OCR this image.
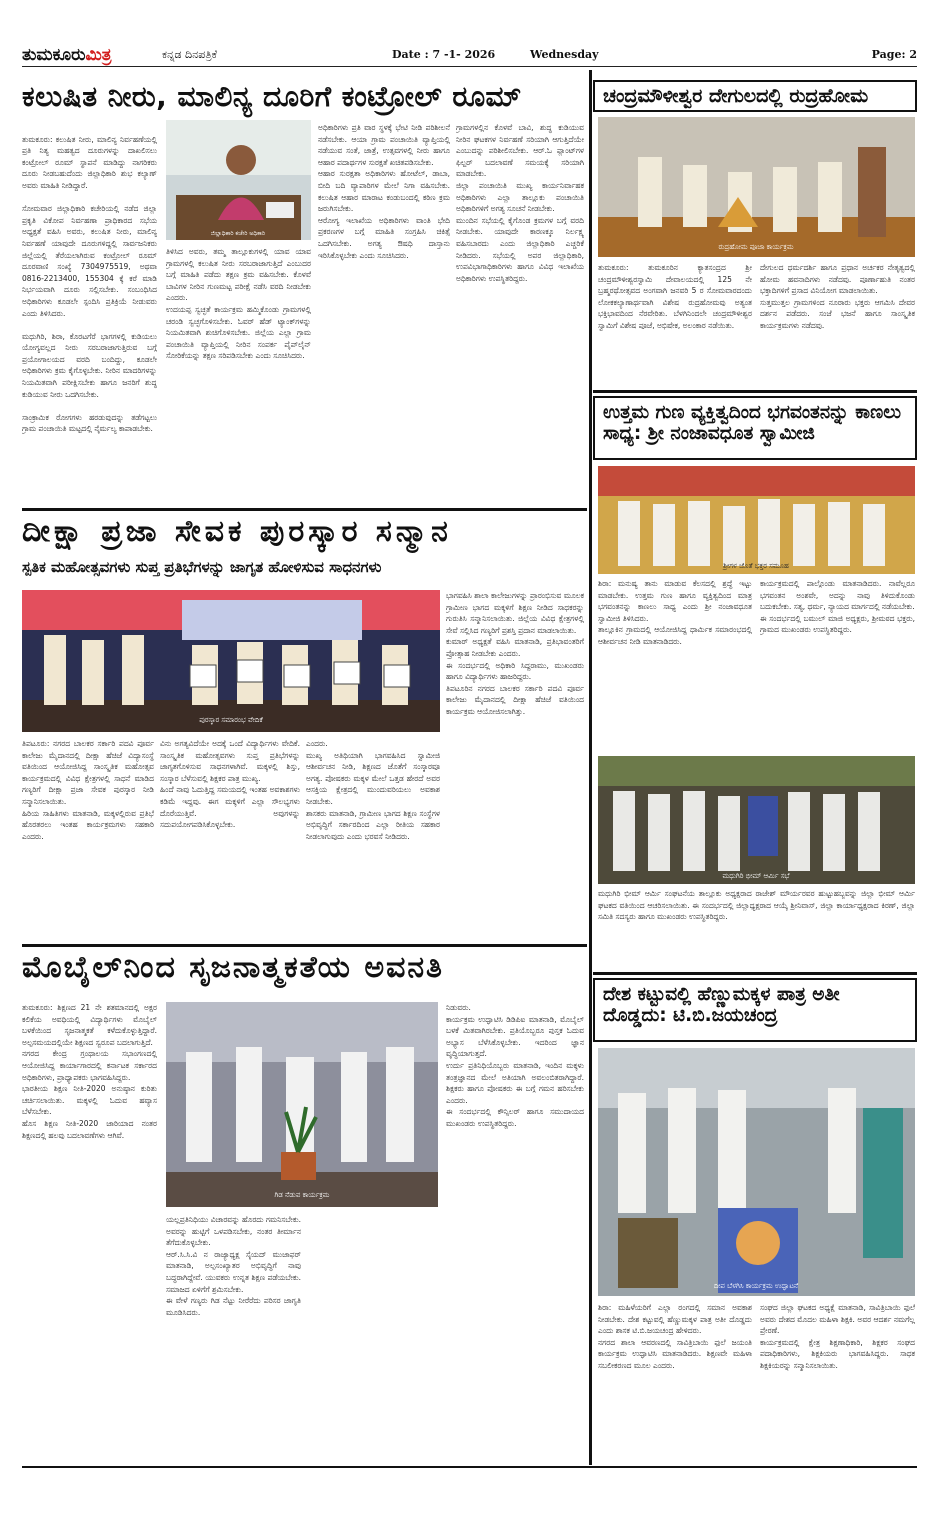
ತುಮಕೂರುಮಿತ್ರ	ಕನ್ನಡ ದಿನಪತ್ರಿಕೆ	Date : 7 -1- 2026	Wednesday	Page: 2
ಕಲುಷಿತ ನೀರು, ಮಾಲಿನ್ಯ ದೂರಿಗೆ ಕಂಟ್ರೋಲ್ ರೂಮ್

ತುಮಕೂರು: ಕಲುಷಿತ ನೀರು, ಮಾಲಿನ್ಯ ನಿರ್ವಹಣೆಯಲ್ಲಿ ಪ್ರತಿ ನಿತ್ಯ ಮಹತ್ವದ ದೂರುಗಳನ್ನು ದಾಖಲಿಸಲು ಕಂಟ್ರೋಲ್ ರೂಮ್ ಸ್ಥಾಪನೆ ಮಾಡಿದ್ದು ನಾಗರಿಕರು ದೂರು ನೀಡಬಹುದೆಂದು ಜಿಲ್ಲಾಧಿಕಾರಿ ಶುಭ ಕಲ್ಯಾಣ್ ಅವರು ಮಾಹಿತಿ ನೀಡಿದ್ದಾರೆ.

ಸೋಮವಾರ ಜಿಲ್ಲಾಧಿಕಾರಿ ಕಚೇರಿಯಲ್ಲಿ ನಡೆದ ಜಿಲ್ಲಾ ಪ್ರಕೃತಿ ವಿಕೋಪ ನಿರ್ವಹಣಾ ಪ್ರಾಧಿಕಾರದ ಸಭೆಯ ಅಧ್ಯಕ್ಷತೆ ವಹಿಸಿ ಅವರು, ಕಲುಷಿತ ನೀರು, ಮಾಲಿನ್ಯ ನಿರ್ವಹಣೆ ಯಾವುದೇ ದೂರುಗಳಿದ್ದಲ್ಲಿ ಸಾರ್ವಜನಿಕರು ಜಿಲ್ಲೆಯಲ್ಲಿ ತೆರೆಯಲಾಗಿರುವ ಕಂಟ್ರೋಲ್ ರೂಮ್ ದೂರವಾಣಿ ಸಂಖ್ಯೆ 7304975519, ಅಥವಾ 0816-2213400, 155304 ಕ್ಕೆ ಕರೆ ಮಾಡಿ ನಿರ್ಭಯವಾಗಿ ದೂರು ಸಲ್ಲಿಸಬೇಕು. ಸಂಬಂಧಿಸಿದ ಅಧಿಕಾರಿಗಳು ಕೂಡಲೇ ಸ್ಪಂದಿಸಿ ಪ್ರತಿಕ್ರಿಯೆ ನೀಡುವರು ಎಂದು ತಿಳಿಸಿದರು.

ಮಧುಗಿರಿ, ಶಿರಾ, ಕೊರಟಗೆರೆ ಭಾಗಗಳಲ್ಲಿ ಕುಡಿಯಲು ಯೋಗ್ಯವಲ್ಲದ ನೀರು ಸರಬರಾಜಾಗುತ್ತಿರುವ ಬಗ್ಗೆ ಪ್ರಯೋಗಾಲಯದ ವರದಿ ಬಂದಿದ್ದು, ಕೂಡಲೇ ಅಧಿಕಾರಿಗಳು ಕ್ರಮ ಕೈಗೊಳ್ಳಬೇಕು. ನೀರಿನ ಮಾದರಿಗಳನ್ನು ನಿಯಮಿತವಾಗಿ ಪರೀಕ್ಷಿಸಬೇಕು ಹಾಗೂ ಜನರಿಗೆ ಶುದ್ಧ ಕುಡಿಯುವ ನೀರು ಒದಗಿಸಬೇಕು.

ಸಾಂಕ್ರಾಮಿಕ ರೋಗಗಳು ಹರಡುವುದನ್ನು ತಡೆಗಟ್ಟಲು ಗ್ರಾಮ ಪಂಚಾಯಿತಿ ಮಟ್ಟದಲ್ಲಿ ನೈರ್ಮಲ್ಯ ಕಾಪಾಡಬೇಕು.

ಜಿಲ್ಲಾಧಿಕಾರಿ ಕಚೇರಿ ಅಧಿಕಾರಿ
ತಿಳಿಸಿದ ಅವರು, ತಮ್ಮ ತಾಲ್ಲೂಕುಗಳಲ್ಲಿ ಯಾವ ಯಾವ ಗ್ರಾಮಗಳಲ್ಲಿ ಕಲುಷಿತ ನೀರು ಸರಬರಾಜಾಗುತ್ತಿದೆ ಎಂಬುದರ ಬಗ್ಗೆ ಮಾಹಿತಿ ಪಡೆದು ತಕ್ಷಣ ಕ್ರಮ ವಹಿಸಬೇಕು. ಕೊಳವೆ ಬಾವಿಗಳ ನೀರಿನ ಗುಣಮಟ್ಟ ಪರೀಕ್ಷೆ ನಡೆಸಿ ವರದಿ ನೀಡಬೇಕು ಎಂದರು.
ಉದಯಪ್ಪ ಸ್ವಚ್ಛತೆ ಕಾರ್ಯಕ್ರಮ ಹಮ್ಮಿಕೊಂಡು ಗ್ರಾಮಗಳಲ್ಲಿ ಚರಂಡಿ ಸ್ವಚ್ಛಗೊಳಿಸಬೇಕು. ಓವರ್ ಹೆಡ್ ಟ್ಯಾಂಕ್‌ಗಳನ್ನು ನಿಯಮಿತವಾಗಿ ಶುಚಿಗೊಳಿಸಬೇಕು. ಜಿಲ್ಲೆಯ ಎಲ್ಲಾ ಗ್ರಾಮ ಪಂಚಾಯಿತಿ ವ್ಯಾಪ್ತಿಯಲ್ಲಿ ನೀರಿನ ಸಂಪರ್ಕ ಪೈಪ್‌ಲೈನ್ ಸೋರಿಕೆಯನ್ನು ತಕ್ಷಣ ಸರಿಪಡಿಸಬೇಕು ಎಂದು ಸೂಚಿಸಿದರು.
ಅಧಿಕಾರಿಗಳು ಪ್ರತಿ ವಾರ ಸ್ಥಳಕ್ಕೆ ಭೇಟಿ ನೀಡಿ ಪರಿಶೀಲನೆ ನಡೆಸಬೇಕು. ಆಯಾ ಗ್ರಾಮ ಪಂಚಾಯಿತಿ ವ್ಯಾಪ್ತಿಯಲ್ಲಿ ನಡೆಯುವ ಸಂತೆ, ಜಾತ್ರೆ, ಉತ್ಸವಗಳಲ್ಲಿ ನೀರು ಹಾಗೂ ಆಹಾರ ಪದಾರ್ಥಗಳ ಸುರಕ್ಷತೆ ಖಚಿತಪಡಿಸಬೇಕು.
ಆಹಾರ ಸುರಕ್ಷತಾ ಅಧಿಕಾರಿಗಳು ಹೋಟೆಲ್, ಡಾಬಾ, ಬೀದಿ ಬದಿ ವ್ಯಾಪಾರಿಗಳ ಮೇಲೆ ನಿಗಾ ವಹಿಸಬೇಕು. ಕಲುಷಿತ ಆಹಾರ ಮಾರಾಟ ಕಂಡುಬಂದಲ್ಲಿ ಕಠಿಣ ಕ್ರಮ ಜರುಗಿಸಬೇಕು.
ಆರೋಗ್ಯ ಇಲಾಖೆಯ ಅಧಿಕಾರಿಗಳು ವಾಂತಿ ಭೇದಿ ಪ್ರಕರಣಗಳ ಬಗ್ಗೆ ಮಾಹಿತಿ ಸಂಗ್ರಹಿಸಿ ಚಿಕಿತ್ಸೆ ಒದಗಿಸಬೇಕು. ಅಗತ್ಯ ಔಷಧಿ ದಾಸ್ತಾನು ಇರಿಸಿಕೊಳ್ಳಬೇಕು ಎಂದು ಸೂಚಿಸಿದರು.
ಗ್ರಾಮಗಳಲ್ಲಿನ ಕೊಳವೆ ಬಾವಿ, ಶುದ್ಧ ಕುಡಿಯುವ ನೀರಿನ ಘಟಕಗಳ ನಿರ್ವಹಣೆ ಸರಿಯಾಗಿ ಆಗುತ್ತಿದೆಯೇ ಎಂಬುದನ್ನು ಪರಿಶೀಲಿಸಬೇಕು. ಆರ್.ಓ ಪ್ಲಾಂಟ್‌ಗಳ ಫಿಲ್ಟರ್ ಬದಲಾವಣೆ ಸಮಯಕ್ಕೆ ಸರಿಯಾಗಿ ಮಾಡಬೇಕು.
ಜಿಲ್ಲಾ ಪಂಚಾಯಿತಿ ಮುಖ್ಯ ಕಾರ್ಯನಿರ್ವಾಹಕ ಅಧಿಕಾರಿಗಳು ಎಲ್ಲಾ ತಾಲ್ಲೂಕು ಪಂಚಾಯಿತಿ ಅಧಿಕಾರಿಗಳಿಗೆ ಅಗತ್ಯ ಸೂಚನೆ ನೀಡಬೇಕು.
ಮುಂದಿನ ಸಭೆಯಲ್ಲಿ ಕೈಗೊಂಡ ಕ್ರಮಗಳ ಬಗ್ಗೆ ವರದಿ ನೀಡಬೇಕು. ಯಾವುದೇ ಕಾರಣಕ್ಕೂ ನಿರ್ಲಕ್ಷ್ಯ ವಹಿಸಬಾರದು ಎಂದು ಜಿಲ್ಲಾಧಿಕಾರಿ ಎಚ್ಚರಿಕೆ ನೀಡಿದರು. ಸಭೆಯಲ್ಲಿ ಅಪರ ಜಿಲ್ಲಾಧಿಕಾರಿ, ಉಪವಿಭಾಗಾಧಿಕಾರಿಗಳು ಹಾಗೂ ವಿವಿಧ ಇಲಾಖೆಯ ಅಧಿಕಾರಿಗಳು ಉಪಸ್ಥಿತರಿದ್ದರು.
ದೀಕ್ಷಾ ಪ್ರಜಾ ಸೇವಕ ಪುರಸ್ಕಾರ ಸನ್ಮಾನ
ಸ್ಪತಿಕ ಮಹೋತ್ಸವಗಳು ಸುಪ್ತ ಪ್ರತಿಭೆಗಳನ್ನು ಜಾಗೃತ ಹೋಳಿಸುವ ಸಾಧನಗಳು
ಪುರಸ್ಕಾರ ಸಮಾರಂಭ ವೇದಿಕೆ
ಭಾಗವಹಿಸಿ ಶಾಲಾ ಕಾಲೇಜುಗಳನ್ನು ಪ್ರಾರಂಭಿಸುವ ಮೂಲಕ ಗ್ರಾಮೀಣ ಭಾಗದ ಮಕ್ಕಳಿಗೆ ಶಿಕ್ಷಣ ನೀಡಿದ ಸಾಧಕರನ್ನು ಗುರುತಿಸಿ ಸನ್ಮಾನಿಸಲಾಯಿತು. ಜಿಲ್ಲೆಯ ವಿವಿಧ ಕ್ಷೇತ್ರಗಳಲ್ಲಿ ಸೇವೆ ಸಲ್ಲಿಸಿದ ಗಣ್ಯರಿಗೆ ಪ್ರಶಸ್ತಿ ಪ್ರದಾನ ಮಾಡಲಾಯಿತು.
ಕುಮಾರ್ ಅಧ್ಯಕ್ಷತೆ ವಹಿಸಿ ಮಾತನಾಡಿ, ಪ್ರತಿಭಾವಂತರಿಗೆ ಪ್ರೋತ್ಸಾಹ ನೀಡಬೇಕು ಎಂದರು.
ಈ ಸಂದರ್ಭದಲ್ಲಿ ಅಧಿಕಾರಿ ಸಿದ್ದರಾಮು, ಮುಖಂಡರು ಹಾಗೂ ವಿದ್ಯಾರ್ಥಿಗಳು ಹಾಜರಿದ್ದರು.
ತಿಪಟೂರಿನ ನಗರದ ಬಾಲಕರ ಸರ್ಕಾರಿ ಪದವಿ ಪೂರ್ವ ಕಾಲೇಜು ಮೈದಾನದಲ್ಲಿ ದೀಕ್ಷಾ ಹೆಚಿಜೆ ವತಿಯಿಂದ ಕಾರ್ಯಕ್ರಮ ಆಯೋಜಿಸಲಾಗಿತ್ತು.
ತಿಪಟೂರು: ನಗರದ ಬಾಲಕರ ಸರ್ಕಾರಿ ಪದವಿ ಪೂರ್ವ ಕಾಲೇಜು ಮೈದಾನದಲ್ಲಿ ದೀಕ್ಷಾ ಹೆಚಿಜೆ ವಿದ್ಯಾಸಂಸ್ಥೆ ವತಿಯಿಂದ ಆಯೋಜಿಸಿದ್ದ ಸಾಂಸ್ಕೃತಿಕ ಮಹೋತ್ಸವ ಕಾರ್ಯಕ್ರಮದಲ್ಲಿ ವಿವಿಧ ಕ್ಷೇತ್ರಗಳಲ್ಲಿ ಸಾಧನೆ ಮಾಡಿದ ಗಣ್ಯರಿಗೆ ದೀಕ್ಷಾ ಪ್ರಜಾ ಸೇವಕ ಪುರಸ್ಕಾರ ನೀಡಿ ಸನ್ಮಾನಿಸಲಾಯಿತು.
ಹಿರಿಯ ಸಾಹಿತಿಗಳು ಮಾತನಾಡಿ, ಮಕ್ಕಳಲ್ಲಿರುವ ಪ್ರತಿಭೆ ಹೊರತರಲು ಇಂತಹ ಕಾರ್ಯಕ್ರಮಗಳು ಸಹಕಾರಿ ಎಂದರು.
ವಿನು ಅಗತ್ಯವಿದೆಯೇ ಅದಕ್ಕೆ ಒಂದೆ ವಿದ್ಯಾರ್ಥಿಗಳು ವೇದಿಕೆ. ಸಾಂಸ್ಕೃತಿಕ ಮಹೋತ್ಸವಗಳು ಸುಪ್ತ ಪ್ರತಿಭೆಗಳನ್ನು ಜಾಗೃತಗೊಳಿಸುವ ಸಾಧನಗಳಾಗಿವೆ. ಮಕ್ಕಳಲ್ಲಿ ಶಿಸ್ತು, ಸಂಸ್ಕಾರ ಬೆಳೆಸುವಲ್ಲಿ ಶಿಕ್ಷಕರ ಪಾತ್ರ ಮುಖ್ಯ.
ಹಿಂದೆ ನಾವು ಓದುತ್ತಿದ್ದ ಸಮಯದಲ್ಲಿ ಇಂತಹ ಅವಕಾಶಗಳು ಕಡಿಮೆ ಇದ್ದವು. ಈಗ ಮಕ್ಕಳಿಗೆ ಎಲ್ಲಾ ಸೌಲಭ್ಯಗಳು ದೊರೆಯುತ್ತಿವೆ. ಅವುಗಳನ್ನು ಸದುಪಯೋಗಪಡಿಸಿಕೊಳ್ಳಬೇಕು.
ಎಂದರು.
ಮುಖ್ಯ ಅತಿಥಿಯಾಗಿ ಭಾಗವಹಿಸಿದ ಸ್ವಾಮೀಜಿ ಆಶೀರ್ವಚನ ನೀಡಿ, ಶಿಕ್ಷಣದ ಜೊತೆಗೆ ಸಂಸ್ಕಾರವೂ ಅಗತ್ಯ. ಪೋಷಕರು ಮಕ್ಕಳ ಮೇಲೆ ಒತ್ತಡ ಹೇರದೆ ಅವರ ಆಸಕ್ತಿಯ ಕ್ಷೇತ್ರದಲ್ಲಿ ಮುಂದುವರಿಯಲು ಅವಕಾಶ ನೀಡಬೇಕು.
ಶಾಸಕರು ಮಾತನಾಡಿ, ಗ್ರಾಮೀಣ ಭಾಗದ ಶಿಕ್ಷಣ ಸಂಸ್ಥೆಗಳ ಅಭಿವೃದ್ಧಿಗೆ ಸರ್ಕಾರದಿಂದ ಎಲ್ಲಾ ರೀತಿಯ ಸಹಕಾರ ನೀಡಲಾಗುವುದು ಎಂದು ಭರವಸೆ ನೀಡಿದರು.
ಮೊಬೈಲ್‌ನಿಂದ ಸೃಜನಾತ್ಮಕತೆಯ ಅವನತಿ
ತುಮಕೂರು: ಶಿಕ್ಷಣದ 21 ನೇ ಶತಮಾನದಲ್ಲಿ ಅಕ್ಷರ ಕಲಿಕೆಯ ಅವಧಿಯಲ್ಲಿ ವಿದ್ಯಾರ್ಥಿಗಳು ಮೊಬೈಲ್ ಬಳಕೆಯಿಂದ ಸೃಜನಾತ್ಮಕತೆ ಕಳೆದುಕೊಳ್ಳುತ್ತಿದ್ದಾರೆ. ಅಲ್ಪಸಮಯದಲ್ಲಿಯೇ ಶಿಕ್ಷಣದ ಸ್ವರೂಪ ಬದಲಾಗುತ್ತಿದೆ.
ನಗರದ ಕೇಂದ್ರ ಗ್ರಂಥಾಲಯ ಸಭಾಂಗಣದಲ್ಲಿ ಆಯೋಜಿಸಿದ್ದ ಕಾರ್ಯಾಗಾರದಲ್ಲಿ ಕರ್ನಾಟಕ ಸರ್ಕಾರದ ಅಧಿಕಾರಿಗಳು, ಪ್ರಾಧ್ಯಾಪಕರು ಭಾಗವಹಿಸಿದ್ದರು.
ಭಾರತೀಯ ಶಿಕ್ಷಣ ನೀತಿ-2020 ಅನುಷ್ಠಾನ ಕುರಿತು ಚರ್ಚಿಸಲಾಯಿತು. ಮಕ್ಕಳಲ್ಲಿ ಓದುವ ಹವ್ಯಾಸ ಬೆಳೆಸಬೇಕು.
ಹೊಸ ಶಿಕ್ಷಣ ನೀತಿ-2020 ಜಾರಿಯಾದ ನಂತರ ಶಿಕ್ಷಣದಲ್ಲಿ ಹಲವು ಬದಲಾವಣೆಗಳು ಆಗಿವೆ.
ಗಿಡ ನೆಡುವ ಕಾರ್ಯಕ್ರಮ
ಯಲ್ಲಪ್ರತಿನಿಧಿಯು ವಿಚಾರವನ್ನು ಹೊರದು ಗಮನಿಸಬೇಕು. ಅವರನ್ನು ಹುಟ್ಟಿಗೆ ಒಳಪಡಿಸಬೇಕು, ನಂತರ ತೀರ್ಮಾನ ತೆಗೆದುಕೊಳ್ಳಬೇಕು.
ಆರ್.ಸಿ.ಸಿ.ವಿ ನ ರಾಜ್ಯಾಧ್ಯಕ್ಷ ಸೈಯದ್ ಮುಜಾಫರ್ ಮಾತನಾಡಿ, ಅಲ್ಪಸಂಖ್ಯಾತರ ಅಭಿವೃದ್ಧಿಗೆ ನಾವು ಬದ್ಧರಾಗಿದ್ದೇವೆ. ಯುವಕರು ಉನ್ನತ ಶಿಕ್ಷಣ ಪಡೆಯಬೇಕು. ಸಮಾಜದ ಏಳಿಗೆಗೆ ಶ್ರಮಿಸಬೇಕು.
ಈ ವೇಳೆ ಗಣ್ಯರು ಗಿಡ ನೆಟ್ಟು ನೀರೆರೆದು ಪರಿಸರ ಜಾಗೃತಿ ಮೂಡಿಸಿದರು.
ನಿಡುವರು.
ಕಾರ್ಯಕ್ರಮ ಉದ್ಘಾಟಿಸಿ ಡಿಡಿಪಿಐ ಮಾತನಾಡಿ, ಮೊಬೈಲ್ ಬಳಕೆ ಮಿತವಾಗಿರಬೇಕು. ಪ್ರತಿಯೊಬ್ಬರೂ ಪುಸ್ತಕ ಓದುವ ಅಭ್ಯಾಸ ಬೆಳೆಸಿಕೊಳ್ಳಬೇಕು. ಇದರಿಂದ ಜ್ಞಾನ ವೃದ್ಧಿಯಾಗುತ್ತದೆ.
ಉರ್ದು ಪ್ರತಿನಿಧಿಯೊಬ್ಬರು ಮಾತನಾಡಿ, ಇಂದಿನ ಮಕ್ಕಳು ತಂತ್ರಜ್ಞಾನದ ಮೇಲೆ ಅತಿಯಾಗಿ ಅವಲಂಬಿತರಾಗಿದ್ದಾರೆ. ಶಿಕ್ಷಕರು ಹಾಗೂ ಪೋಷಕರು ಈ ಬಗ್ಗೆ ಗಮನ ಹರಿಸಬೇಕು ಎಂದರು.
ಈ ಸಂದರ್ಭದಲ್ಲಿ ಕೌನ್ಸಿಲರ್ ಹಾಗೂ ಸಮುದಾಯದ ಮುಖಂಡರು ಉಪಸ್ಥಿತರಿದ್ದರು.
ಚಂದ್ರಮೌಳೀಶ್ವರ ದೇಗುಲದಲ್ಲಿ ರುದ್ರಹೋಮ
ರುದ್ರಹೋಮ ಪೂಜಾ ಕಾರ್ಯಕ್ರಮ
ತುಮಕೂರು: ತುಮಕೂರಿನ ಕ್ಯಾತಸಂದ್ರದ ಶ್ರೀ ಚಂದ್ರಮೌಳೀಶ್ವರಸ್ವಾಮಿ ದೇವಾಲಯದಲ್ಲಿ 125 ನೇ ಬ್ರಹ್ಮರಥೋತ್ಸವದ ಅಂಗವಾಗಿ ಜನವರಿ 5 ರ ಸೋಮವಾರದಂದು ಲೋಕಕಲ್ಯಾಣಾರ್ಥವಾಗಿ ವಿಶೇಷ ರುದ್ರಹೋಮವು ಅತ್ಯಂತ ಭಕ್ತಿಭಾವದಿಂದ ನೆರವೇರಿತು. ಬೆಳಗಿನಿಂದಲೇ ಚಂದ್ರಮೌಳೀಶ್ವರ ಸ್ವಾಮಿಗೆ ವಿಶೇಷ ಪೂಜೆ, ಅಭಿಷೇಕ, ಅಲಂಕಾರ ನಡೆಯಿತು.
ದೇಗುಲದ ಧರ್ಮದರ್ಶಿ ಹಾಗೂ ಪ್ರಧಾನ ಅರ್ಚಕರ ನೇತೃತ್ವದಲ್ಲಿ ಹೋಮ ಹವನಾದಿಗಳು ನಡೆದವು. ಪೂರ್ಣಾಹುತಿ ನಂತರ ಭಕ್ತಾದಿಗಳಿಗೆ ಪ್ರಸಾದ ವಿನಿಯೋಗ ಮಾಡಲಾಯಿತು.
ಸುತ್ತಮುತ್ತಲ ಗ್ರಾಮಗಳಿಂದ ನೂರಾರು ಭಕ್ತರು ಆಗಮಿಸಿ ದೇವರ ದರ್ಶನ ಪಡೆದರು. ಸಂಜೆ ಭಜನೆ ಹಾಗೂ ಸಾಂಸ್ಕೃತಿಕ ಕಾರ್ಯಕ್ರಮಗಳು ನಡೆದವು.
ಉತ್ತಮ ಗುಣ ವ್ಯಕ್ತಿತ್ವದಿಂದ ಭಗವಂತನನ್ನು ಕಾಣಲು ಸಾಧ್ಯ: ಶ್ರೀ ನಂಜಾವಧೂತ ಸ್ವಾಮೀಜಿ
ಶ್ರೀಗಳ ಜೊತೆ ಭಕ್ತರ ಸಮೂಹ
ಶಿರಾ: ಮನುಷ್ಯ ತಾನು ಮಾಡುವ ಕೆಲಸದಲ್ಲಿ ಶ್ರದ್ಧೆ ಇಟ್ಟು ಮಾಡಬೇಕು. ಉತ್ತಮ ಗುಣ ಹಾಗೂ ವ್ಯಕ್ತಿತ್ವದಿಂದ ಮಾತ್ರ ಭಗವಂತನನ್ನು ಕಾಣಲು ಸಾಧ್ಯ ಎಂದು ಶ್ರೀ ನಂಜಾವಧೂತ ಸ್ವಾಮೀಜಿ ತಿಳಿಸಿದರು.
ತಾಲ್ಲೂಕಿನ ಗ್ರಾಮದಲ್ಲಿ ಆಯೋಜಿಸಿದ್ದ ಧಾರ್ಮಿಕ ಸಮಾರಂಭದಲ್ಲಿ ಆಶೀರ್ವಚನ ನೀಡಿ ಮಾತನಾಡಿದರು.
ಕಾರ್ಯಕ್ರಮದಲ್ಲಿ ಪಾಲ್ಗೊಂಡು ಮಾತನಾಡಿದರು. ನಾವೆಲ್ಲರೂ ಭಗವಂತನ ಅಂಶವೇ, ಅದನ್ನು ನಾವು ತಿಳಿದುಕೊಂಡು ಬದುಕಬೇಕು. ಸತ್ಯ, ಧರ್ಮ, ನ್ಯಾಯದ ಮಾರ್ಗದಲ್ಲಿ ನಡೆಯಬೇಕು.
ಈ ಸಂದರ್ಭದಲ್ಲಿ ಬಮುಲ್ ಮಾಜಿ ಅಧ್ಯಕ್ಷರು, ಶ್ರೀಮಠದ ಭಕ್ತರು, ಗ್ರಾಮದ ಮುಖಂಡರು ಉಪಸ್ಥಿತರಿದ್ದರು.
ಮಧುಗಿರಿ ಭೀಮ್ ಆರ್ಮಿ ಸಭೆ
ಮಧುಗಿರಿ ಭೀಮ್ ಆರ್ಮಿ ಸಂಘಟನೆಯ ತಾಲ್ಲೂಕು ಅಧ್ಯಕ್ಷರಾದ ರಾಜೇಶ್ ಮೌರ್ಯರವರ ಹುಟ್ಟುಹಬ್ಬವನ್ನು ಜಿಲ್ಲಾ ಭೀಮ್ ಆರ್ಮಿ ಘಟಕದ ವತಿಯಿಂದ ಆಚರಿಸಲಾಯಿತು. ಈ ಸಂದರ್ಭದಲ್ಲಿ ಜಿಲ್ಲಾಧ್ಯಕ್ಷರಾದ ಆಯ್ಕೆ ಶ್ರೀನಿವಾಸ್, ಜಿಲ್ಲಾ ಕಾರ್ಯಾಧ್ಯಕ್ಷರಾದ ಕಿರಣ್, ಜಿಲ್ಲಾ ಸಮಿತಿ ಸದಸ್ಯರು ಹಾಗೂ ಮುಖಂಡರು ಉಪಸ್ಥಿತರಿದ್ದರು.
ದೇಶ ಕಟ್ಟುವಲ್ಲಿ ಹೆಣ್ಣುಮಕ್ಕಳ ಪಾತ್ರ ಅತೀ ದೊಡ್ಡದು: ಟಿ.ಬಿ.ಜಯಚಂದ್ರ
ದೀಪ ಬೆಳಗಿಸಿ ಕಾರ್ಯಕ್ರಮ ಉದ್ಘಾಟನೆ
ಶಿರಾ: ಮಹಿಳೆಯರಿಗೆ ಎಲ್ಲಾ ರಂಗದಲ್ಲಿ ಸಮಾನ ಅವಕಾಶ ನೀಡಬೇಕು. ದೇಶ ಕಟ್ಟುವಲ್ಲಿ ಹೆಣ್ಣುಮಕ್ಕಳ ಪಾತ್ರ ಅತೀ ದೊಡ್ಡದು ಎಂದು ಶಾಸಕ ಟಿ.ಬಿ.ಜಯಚಂದ್ರ ಹೇಳಿದರು.
ನಗರದ ಶಾಲಾ ಆವರಣದಲ್ಲಿ ಸಾವಿತ್ರಿಬಾಯಿ ಫುಲೆ ಜಯಂತಿ ಕಾರ್ಯಕ್ರಮ ಉದ್ಘಾಟಿಸಿ ಮಾತನಾಡಿದರು. ಶಿಕ್ಷಣವೇ ಮಹಿಳಾ ಸಬಲೀಕರಣದ ಮೂಲ ಎಂದರು.
ಸಂಘದ ಜಿಲ್ಲಾ ಘಟಕದ ಅಧ್ಯಕ್ಷೆ ಮಾತನಾಡಿ, ಸಾವಿತ್ರಿಬಾಯಿ ಫುಲೆ ಅವರು ದೇಶದ ಮೊದಲ ಮಹಿಳಾ ಶಿಕ್ಷಕಿ. ಅವರ ಆದರ್ಶ ನಮಗೆಲ್ಲ ಪ್ರೇರಣೆ.
ಕಾರ್ಯಕ್ರಮದಲ್ಲಿ ಕ್ಷೇತ್ರ ಶಿಕ್ಷಣಾಧಿಕಾರಿ, ಶಿಕ್ಷಕರ ಸಂಘದ ಪದಾಧಿಕಾರಿಗಳು, ಶಿಕ್ಷಕಿಯರು ಭಾಗವಹಿಸಿದ್ದರು. ಸಾಧಕ ಶಿಕ್ಷಕಿಯರನ್ನು ಸನ್ಮಾನಿಸಲಾಯಿತು.
